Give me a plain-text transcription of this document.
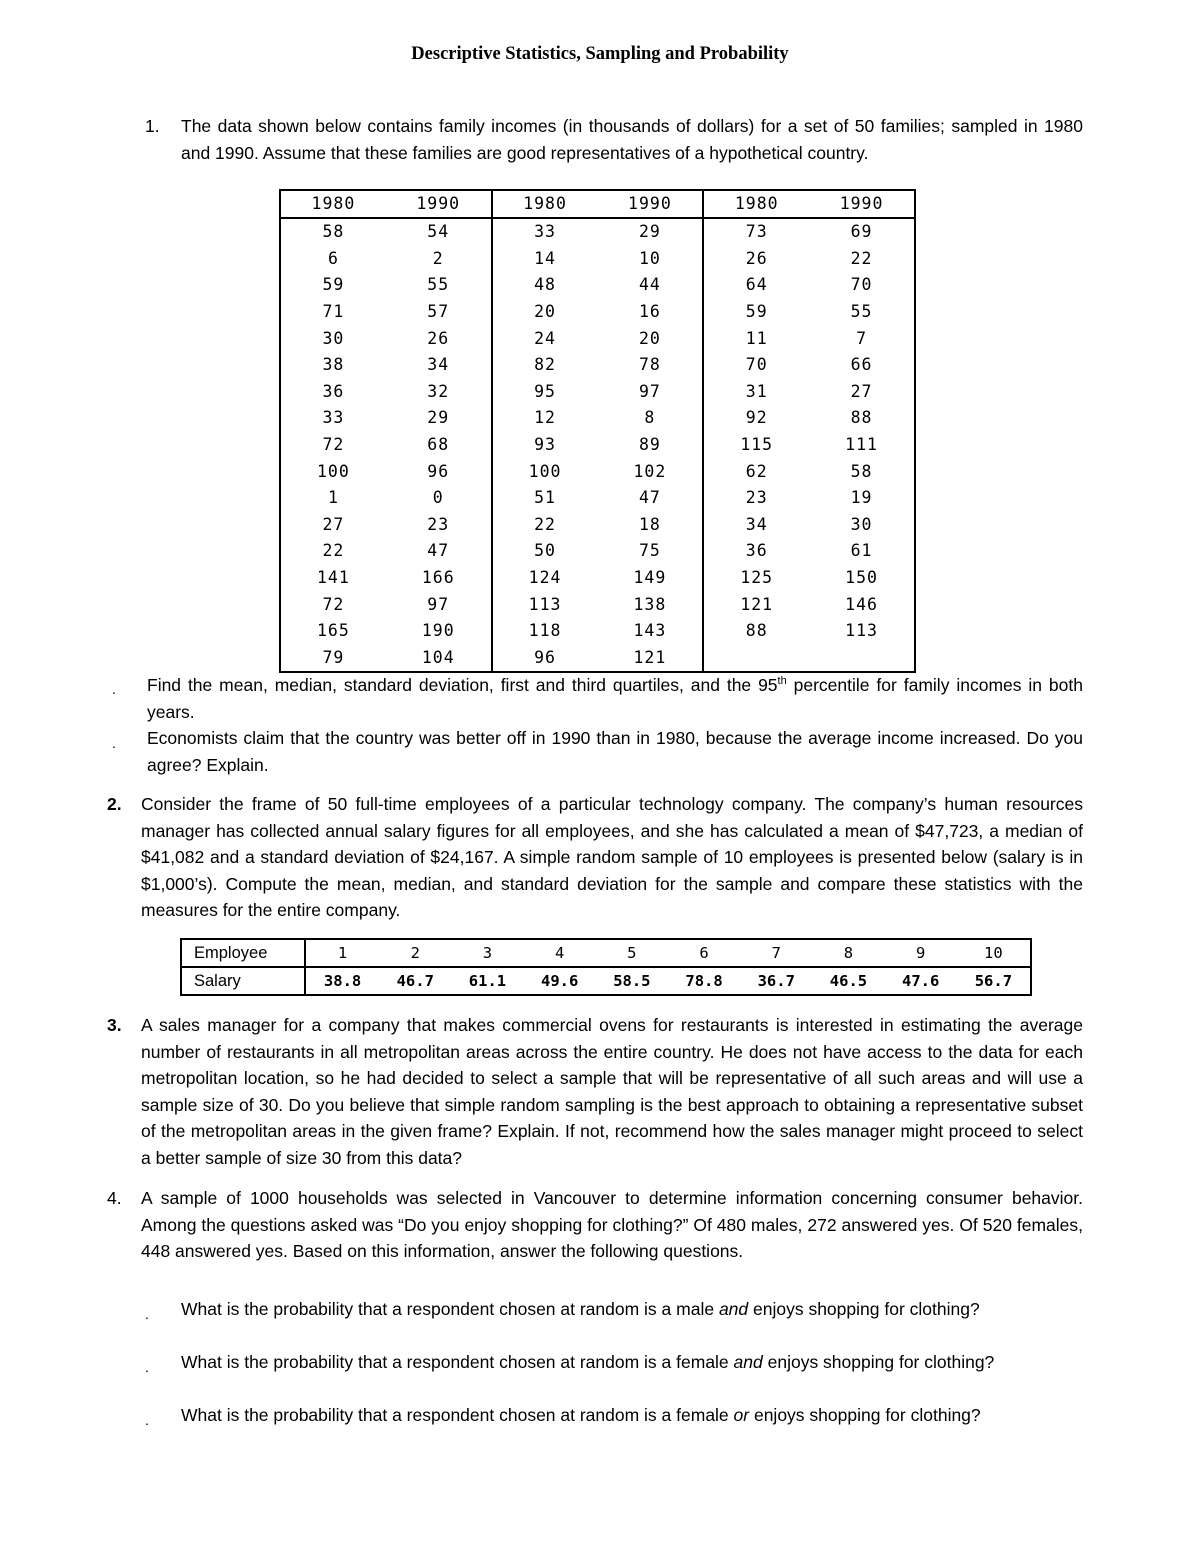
Descriptive Statistics, Sampling and Probability
1. The data shown below contains family incomes (in thousands of dollars) for a set of 50 families; sampled in 1980 and 1990. Assume that these families are good representatives of a hypothetical country.
1980	1990	1980	1990	1980	1990
58	54	33	29	73	69
6	2	14	10	26	22
59	55	48	44	64	70
71	57	20	16	59	55
30	26	24	20	11	7
38	34	82	78	70	66
36	32	95	97	31	27
33	29	12	8	92	88
72	68	93	89	115	111
100	96	100	102	62	58
1	0	51	47	23	19
27	23	22	18	34	30
22	47	50	75	36	61
141	166	124	149	125	150
72	97	113	138	121	146
165	190	118	143	88	113
79	104	96	121		
. Find the mean, median, standard deviation, first and third quartiles, and the 95th percentile for family incomes in both years.
. Economists claim that the country was better off in 1990 than in 1980, because the average income increased. Do you agree? Explain.
2. Consider the frame of 50 full-time employees of a particular technology company. The company’s human resources manager has collected annual salary figures for all employees, and she has calculated a mean of $47,723, a median of $41,082 and a standard deviation of $24,167. A simple random sample of 10 employees is presented below (salary is in $1,000’s). Compute the mean, median, and standard deviation for the sample and compare these statistics with the measures for the entire company.
Employee	1	2	3	4	5	6	7	8	9	10
Salary	38.8	46.7	61.1	49.6	58.5	78.8	36.7	46.5	47.6	56.7
3. A sales manager for a company that makes commercial ovens for restaurants is interested in estimating the average number of restaurants in all metropolitan areas across the entire country. He does not have access to the data for each metropolitan location, so he had decided to select a sample that will be representative of all such areas and will use a sample size of 30. Do you believe that simple random sampling is the best approach to obtaining a representative subset of the metropolitan areas in the given frame? Explain. If not, recommend how the sales manager might proceed to select a better sample of size 30 from this data?
4. A sample of 1000 households was selected in Vancouver to determine information concerning consumer behavior. Among the questions asked was “Do you enjoy shopping for clothing?” Of 480 males, 272 answered yes. Of 520 females, 448 answered yes. Based on this information, answer the following questions.
. What is the probability that a respondent chosen at random is a male and enjoys shopping for clothing?
. What is the probability that a respondent chosen at random is a female and enjoys shopping for clothing?
. What is the probability that a respondent chosen at random is a female or enjoys shopping for clothing?
